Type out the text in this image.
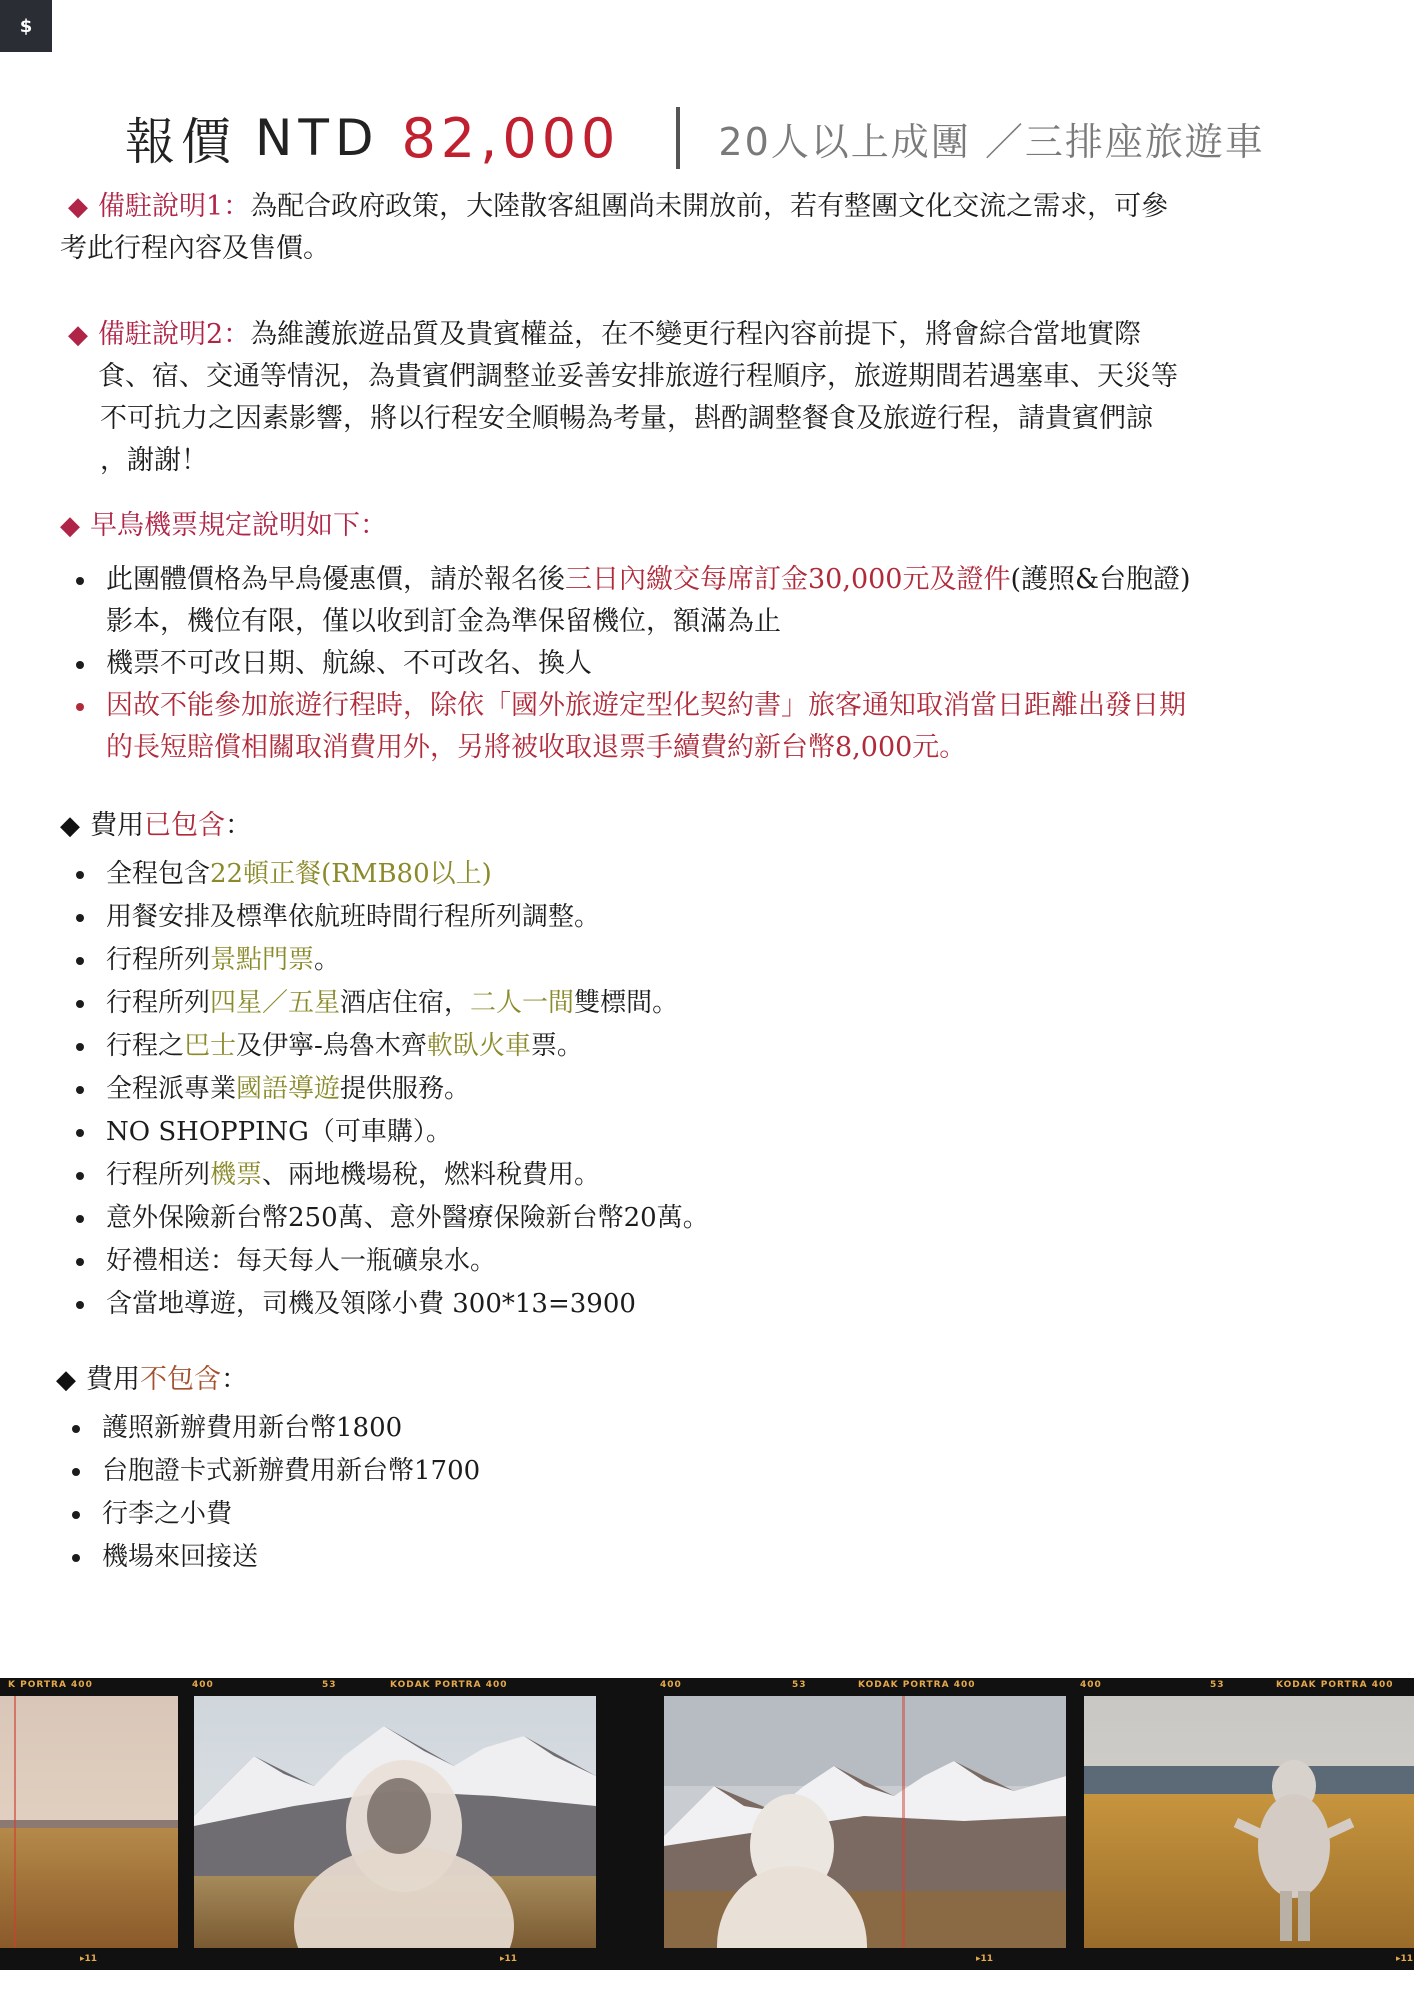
$
報價 NTD 82,000	20人以上成團 ／三排座旅遊車

◆ 備駐說明1：為配合政府政策，大陸散客組團尚未開放前，若有整團文化交流之需求，可參

考此行程內容及售價。

◆ 備駐說明2：為維護旅遊品質及貴賓權益，在不變更行程內容前提下，將會綜合當地實際

食、宿、交通等情況，為貴賓們調整並妥善安排旅遊行程順序，旅遊期間若遇塞車、天災等

不可抗力之因素影響，將以行程安全順暢為考量，斟酌調整餐食及旅遊行程，請貴賓們諒

，謝謝！

◆ 早鳥機票規定說明如下：

此團體價格為早鳥優惠價，請於報名後三日內繳交每席訂金30,000元及證件(護照&台胞證)
影本，機位有限，僅以收到訂金為準保留機位，額滿為止
機票不可改日期、航線、不可改名、換人
因故不能參加旅遊行程時，除依「國外旅遊定型化契約書」旅客通知取消當日距離出發日期
的長短賠償相關取消費用外，另將被收取退票手續費約新台幣8,000元。

◆ 費用已包含：

全程包含22頓正餐(RMB80以上)
用餐安排及標準依航班時間行程所列調整。
行程所列景點門票。
行程所列四星／五星酒店住宿，二人一間雙標間。
行程之巴士及伊寧-烏魯木齊軟臥火車票。
全程派專業國語導遊提供服務。
NO SHOPPING（可車購）。
行程所列機票、兩地機場稅，燃料稅費用。
意外保險新台幣250萬、意外醫療保險新台幣20萬。
好禮相送：每天每人一瓶礦泉水。
含當地導遊，司機及領隊小費 300*13=3900

◆ 費用不包含：

護照新辦費用新台幣1800
台胞證卡式新辦費用新台幣1700
行李之小費
機場來回接送
K PORTRA 400	400	53	KODAK PORTRA 400	400	53	KODAK PORTRA 400	400	53	KODAK PORTRA 400
▸11	▸11	▸11	▸11
